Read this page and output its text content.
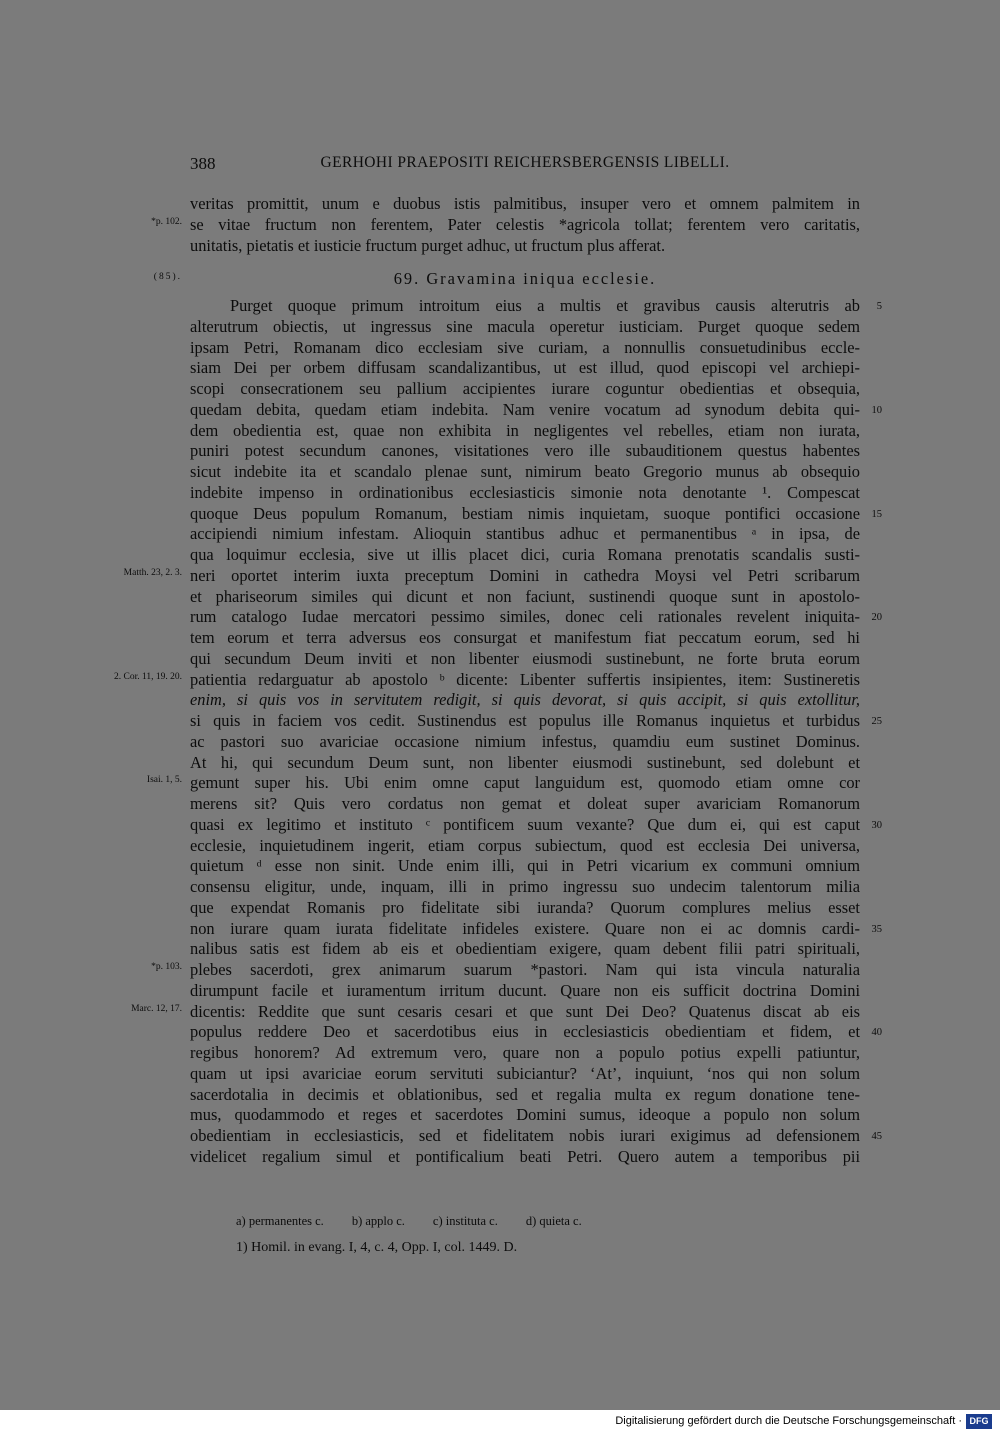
388	GERHOHI PRAEPOSITI REICHERSBERGENSIS LIBELLI.
veritas promittit, unum e duobus istis palmitibus, insuper vero et omnem palmitem in
se vitae fructum non ferentem, Pater celestis *agricola tollat; ferentem vero caritatis,
*p. 102.
unitatis, pietatis et iusticie fructum purget adhuc, ut fructum plus afferat.
(85).	69. Gravamina iniqua ecclesie.
Purget quoque primum introitum eius a multis et gravibus causis alterutris ab 5
alterutrum obiectis, ut ingressus sine macula operetur iusticiam. Purget quoque sedem
ipsam Petri, Romanam dico ecclesiam sive curiam, a nonnullis consuetudinibus eccle-
siam Dei per orbem diffusam scandalizantibus, ut est illud, quod episcopi vel archiepi-
scopi consecrationem seu pallium accipientes iurare coguntur obedientias et obsequia,
quedam debita, quedam etiam indebita. Nam venire vocatum ad synodum debita qui- 10
dem obedientia est, quae non exhibita in negligentes vel rebelles, etiam non iurata,
puniri potest secundum canones, visitationes vero ille subauditionem questus habentes
sicut indebite ita et scandalo plenae sunt, nimirum beato Gregorio munus ab obsequio
indebite impenso in ordinationibus ecclesiasticis simonie nota denotante ¹. Compescat
quoque Deus populum Romanum, bestiam nimis inquietam, suoque pontifici occasione 15
accipiendi nimium infestam. Alioquin stantibus adhuc et permanentibus ᵃ in ipsa, de
qua loquimur ecclesia, sive ut illis placet dici, curia Romana prenotatis scandalis susti-
neri oportet interim iuxta preceptum Domini in cathedra Moysi vel Petri scribarum
Matth. 23, 2. 3.
et phariseorum similes qui dicunt et non faciunt, sustinendi quoque sunt in apostolo-
rum catalogo Iudae mercatori pessimo similes, donec celi rationales revelent iniquita- 20
tem eorum et terra adversus eos consurgat et manifestum fiat peccatum eorum, sed hi
qui secundum Deum inviti et non libenter eiusmodi sustinebunt, ne forte bruta eorum
patientia redarguatur ab apostolo ᵇ dicente: Libenter suffertis insipientes, item: Sustineretis
2. Cor. 11, 19. 20.
enim, si quis vos in servitutem redigit, si quis devorat, si quis accipit, si quis extollitur,
si quis in faciem vos cedit. Sustinendus est populus ille Romanus inquietus et turbidus 25
ac pastori suo avariciae occasione nimium infestus, quamdiu eum sustinet Dominus.
At hi, qui secundum Deum sunt, non libenter eiusmodi sustinebunt, sed dolebunt et
gemunt super his. Ubi enim omne caput languidum est, quomodo etiam omne cor
Isai. 1, 5.
merens sit? Quis vero cordatus non gemat et doleat super avariciam Romanorum
quasi ex legitimo et instituto ᶜ pontificem suum vexante? Que dum ei, qui est caput 30
ecclesie, inquietudinem ingerit, etiam corpus subiectum, quod est ecclesia Dei universa,
quietum ᵈ esse non sinit. Unde enim illi, qui in Petri vicarium ex communi omnium
consensu eligitur, unde, inquam, illi in primo ingressu suo undecim talentorum milia
que expendat Romanis pro fidelitate sibi iuranda? Quorum complures melius esset
non iurare quam iurata fidelitate infideles existere. Quare non ei ac domnis cardi- 35
nalibus satis est fidem ab eis et obedientiam exigere, quam debent filii patri spirituali,
plebes sacerdoti, grex animarum suarum *pastori. Nam qui ista vincula naturalia
*p. 103.
dirumpunt facile et iuramentum irritum ducunt. Quare non eis sufficit doctrina Domini
dicentis: Reddite que sunt cesaris cesari et que sunt Dei Deo? Quatenus discat ab eis
Marc. 12, 17.
populus reddere Deo et sacerdotibus eius in ecclesiasticis obedientiam et fidem, et 40
regibus honorem? Ad extremum vero, quare non a populo potius expelli patiuntur,
quam ut ipsi avariciae eorum servituti subiciantur? ‘At’, inquiunt, ‘nos qui non solum
sacerdotalia in decimis et oblationibus, sed et regalia multa ex regum donatione tene-
mus, quodammodo et reges et sacerdotes Domini sumus, ideoque a populo non solum
obedientiam in ecclesiasticis, sed et fidelitatem nobis iurari exigimus ad defensionem 45
videlicet regalium simul et pontificalium beati Petri. Quero autem a temporibus pii
a) permanentes c. b) applo c. c) instituta c. d) quieta c.
1) Homil. in evang. I, 4, c. 4, Opp. I, col. 1449. D.
Digitalisierung gefördert durch die Deutsche Forschungsgemeinschaft · DFG
